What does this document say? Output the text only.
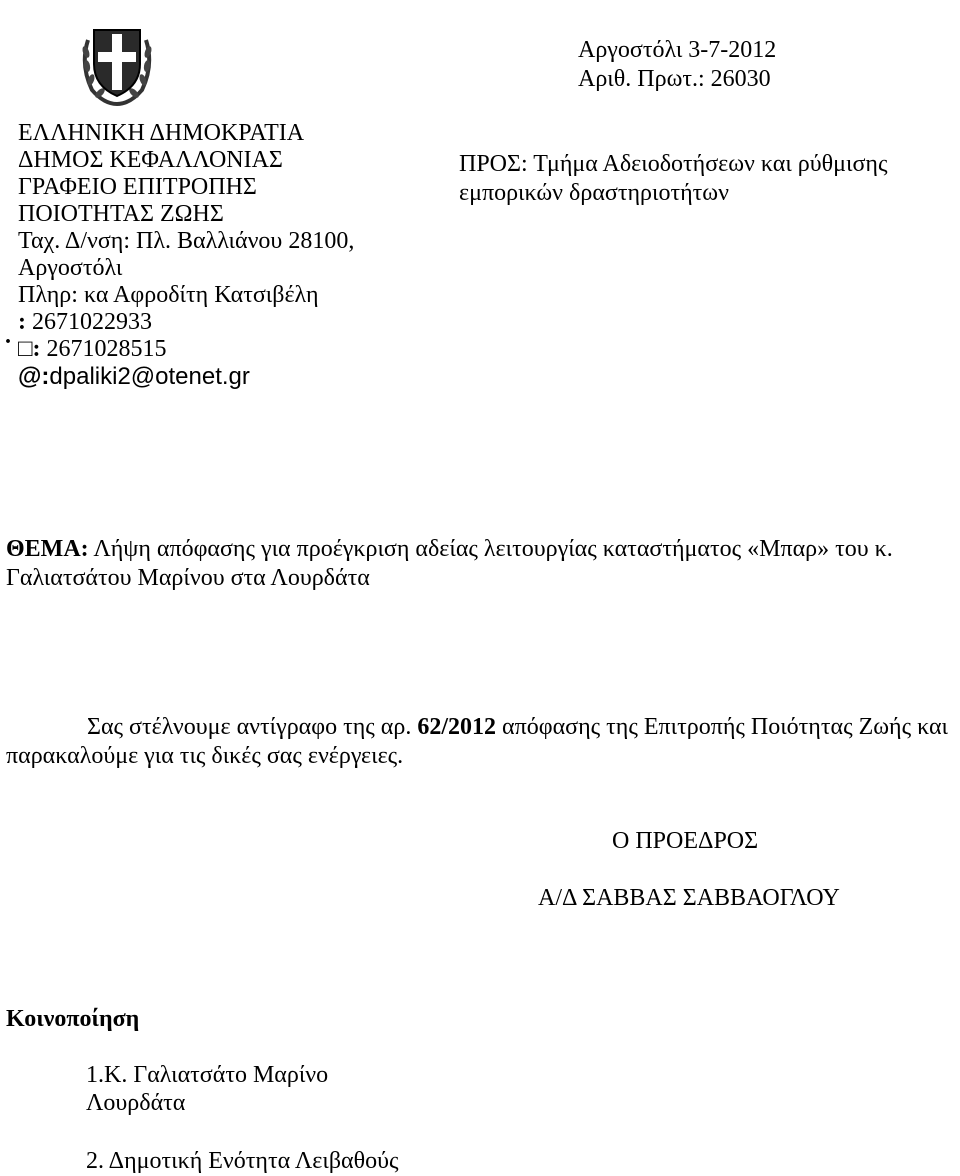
Αργοστόλι 3-7-2012
Αριθ. Πρωτ.: 26030
ΕΛΛΗΝΙΚΗ ΔΗΜΟΚΡΑΤΙΑ
ΔΗΜΟΣ ΚΕΦΑΛΛΟΝΙΑΣ
ΓΡΑΦΕΙΟ ΕΠΙΤΡΟΠΗΣ
ΠΟΙΟΤΗΤΑΣ ΖΩΗΣ
Ταχ. Δ/νση: Πλ. Βαλλιάνου 28100,
Αργοστόλι
Πληρ: κα Αφροδίτη Κατσιβέλη
.
: 2671022933
□: 2671028515
@:dpaliki2@otenet.gr
ΠΡΟΣ: Τμήμα Αδειοδοτήσεων και ρύθμισης
εμπορικών δραστηριοτήτων
ΘΕΜΑ: Λήψη απόφασης για προέγκριση αδείας λειτουργίας καταστήματος «Μπαρ» του κ. Γαλιατσάτου Μαρίνου στα Λουρδάτα
Σας στέλνουμε αντίγραφο της αρ. 62/2012 απόφασης της Επιτροπής Ποιότητας Ζωής και παρακαλούμε για τις δικές σας ενέργειες.
Ο ΠΡΟΕΔΡΟΣ
Α/Δ ΣΑΒΒΑΣ ΣΑΒΒΑΟΓΛΟΥ
Κοινοποίηση
1.Κ. Γαλιατσάτο Μαρίνο
Λουρδάτα
2. Δημοτική Ενότητα Λειβαθούς
